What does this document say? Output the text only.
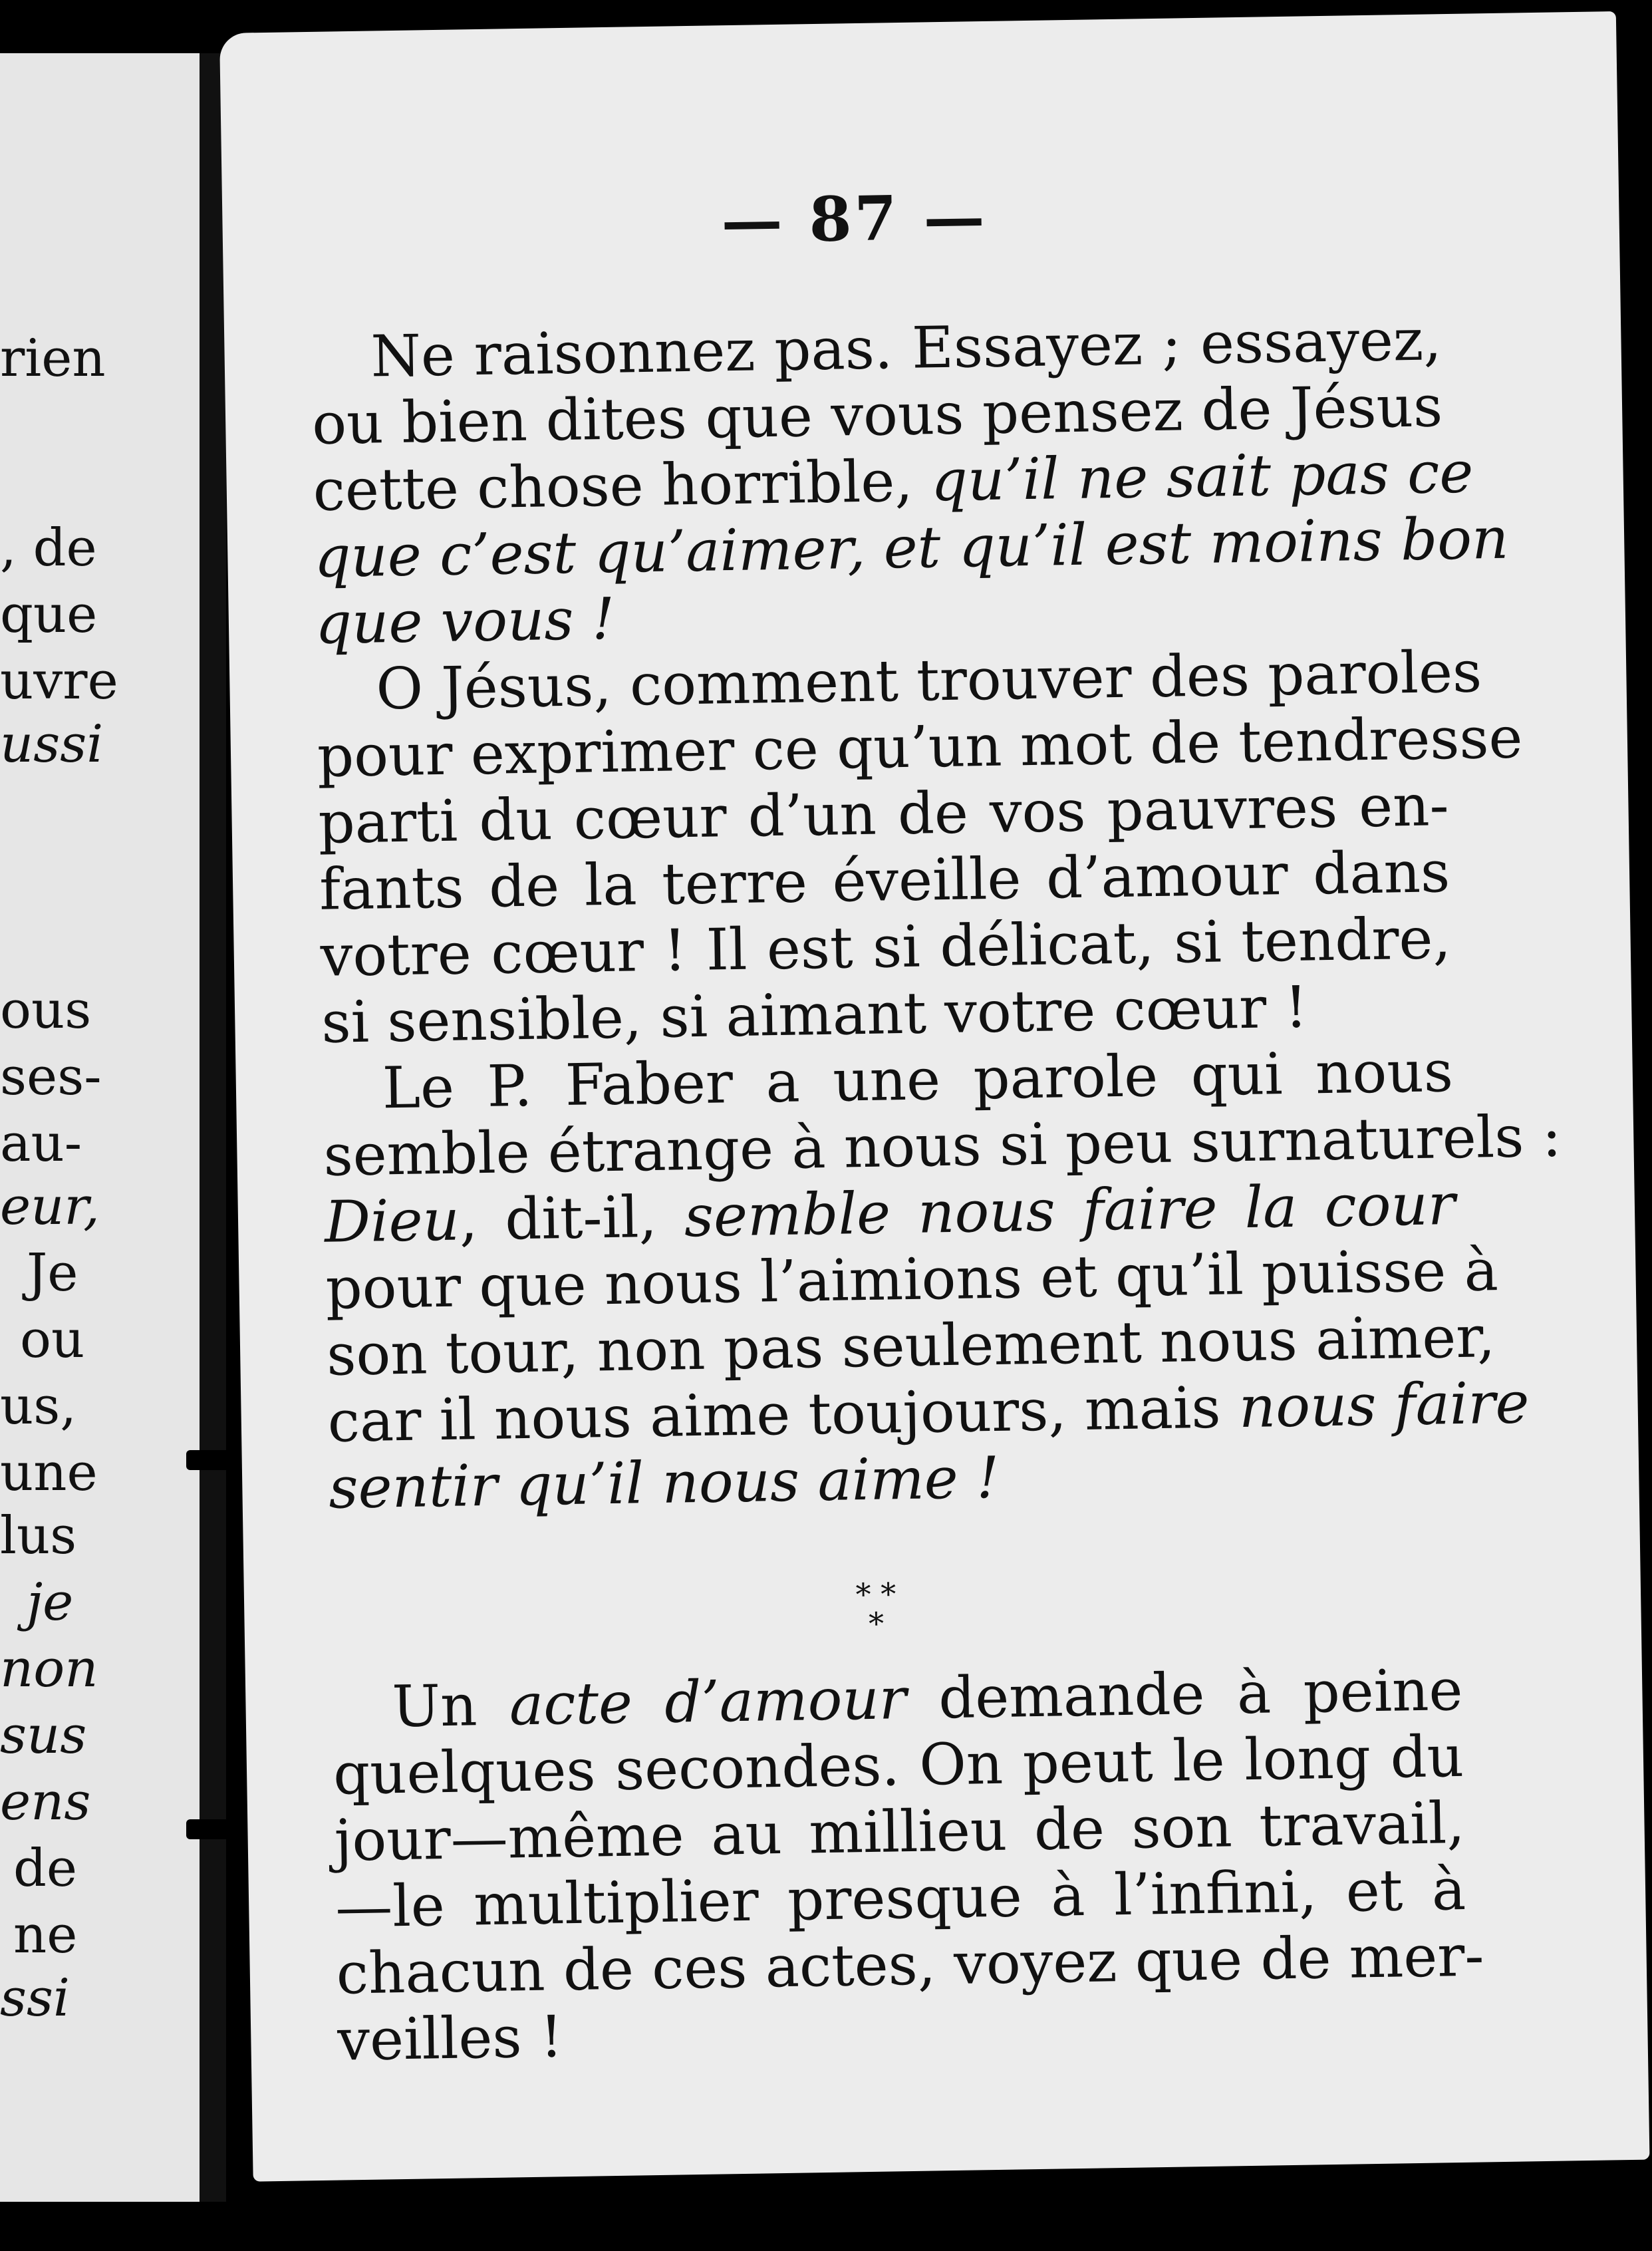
rien
, de
que
uvre
ussi
ous
ses-
au-
eur,
Je
ou
us,
une
lus
je
non
sus
ens
de
ne
ssi
— 87 —
Ne raisonnez pas. Essayez ; essayez,
ou bien dites que vous pensez de Jésus
cette chose horrible, qu’il ne sait pas ce
que c’est qu’aimer, et qu’il est moins bon
que vous !
O Jésus, comment trouver des paroles
pour exprimer ce qu’un mot de tendresse
parti du cœur d’un de vos pauvres en-
fants de la terre éveille d’amour dans
votre cœur ! Il est si délicat, si tendre,
si sensible, si aimant votre cœur !
Le P. Faber a une parole qui nous
semble étrange à nous si peu surnaturels :
Dieu, dit-il, semble nous faire la cour
pour que nous l’aimions et qu’il puisse à
son tour, non pas seulement nous aimer,
car il nous aime toujours, mais nous faire
sentir qu’il nous aime !
* *
*
Un acte d’amour demande à peine
quelques secondes. On peut le long du
jour—même au millieu de son travail,
—le multiplier presque à l’infini, et à
chacun de ces actes, voyez que de mer-
veilles !
